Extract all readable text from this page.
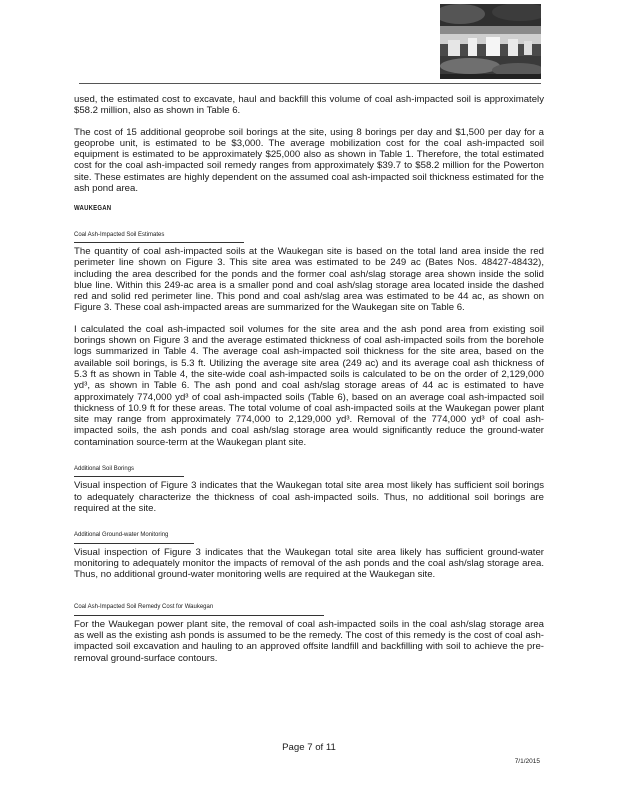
used, the estimated cost to excavate, haul and backfill this volume of coal ash-impacted soil is approximately $58.2 million, also as shown in Table 6.

The cost of 15 additional geoprobe soil borings at the site, using 8 borings per day and $1,500 per day for a geoprobe unit, is estimated to be $3,000. The average mobilization cost for the coal ash-impacted soil equipment is estimated to be approximately $25,000 also as shown in Table 1. Therefore, the total estimated cost for the coal ash-impacted soil remedy ranges from approximately $39.7 to $58.2 million for the Powerton site. These estimates are highly dependent on the assumed coal ash-impacted soil thickness estimated for the ash pond area.

WAUKEGAN
Coal Ash-Impacted Soil Estimates

The quantity of coal ash-impacted soils at the Waukegan site is based on the total land area inside the red perimeter line shown on Figure 3. This site area was estimated to be 249 ac (Bates Nos. 48427-48432), including the area described for the ponds and the former coal ash/slag storage area shown inside the solid blue line. Within this 249-ac area is a smaller pond and coal ash/slag storage area located inside the dashed red and solid red perimeter line. This pond and coal ash/slag area was estimated to be 44 ac, as shown on Figure 3. These coal ash-impacted areas are summarized for the Waukegan site on Table 6.

I calculated the coal ash-impacted soil volumes for the site area and the ash pond area from existing soil borings shown on Figure 3 and the average estimated thickness of coal ash-impacted soils from the borehole logs summarized in Table 4. The average coal ash-impacted soil thickness for the site area, based on the available soil borings, is 5.3 ft. Utilizing the average site area (249 ac) and its average coal ash thickness of 5.3 ft as shown in Table 4, the site-wide coal ash-impacted soils is calculated to be on the order of 2,129,000 yd³, as shown in Table 6. The ash pond and coal ash/slag storage areas of 44 ac is estimated to have approximately 774,000 yd³ of coal ash-impacted soils (Table 6), based on an average coal ash-impacted soil thickness of 10.9 ft for these areas. The total volume of coal ash-impacted soils at the Waukegan power plant site may range from approximately 774,000 to 2,129,000 yd³. Removal of the 774,000 yd³ of coal ash-impacted soils, the ash ponds and coal ash/slag storage area would significantly reduce the ground-water contamination source-term at the Waukegan plant site.

Additional Soil Borings

Visual inspection of Figure 3 indicates that the Waukegan total site area most likely has sufficient soil borings to adequately characterize the thickness of coal ash-impacted soils. Thus, no additional soil borings are required at the site.

Additional Ground-water Monitoring

Visual inspection of Figure 3 indicates that the Waukegan total site area likely has sufficient ground-water monitoring to adequately monitor the impacts of removal of the ash ponds and the coal ash/slag storage area. Thus, no additional ground-water monitoring wells are required at the Waukegan site.

Coal Ash-Impacted Soil Remedy Cost for Waukegan

For the Waukegan power plant site, the removal of coal ash-impacted soils in the coal ash/slag storage area as well as the existing ash ponds is assumed to be the remedy. The cost of this remedy is the cost of coal ash-impacted soil excavation and hauling to an approved offsite landfill and backfilling with soil to achieve the pre-removal ground-surface contours.

Page 7 of 11
7/1/2015
